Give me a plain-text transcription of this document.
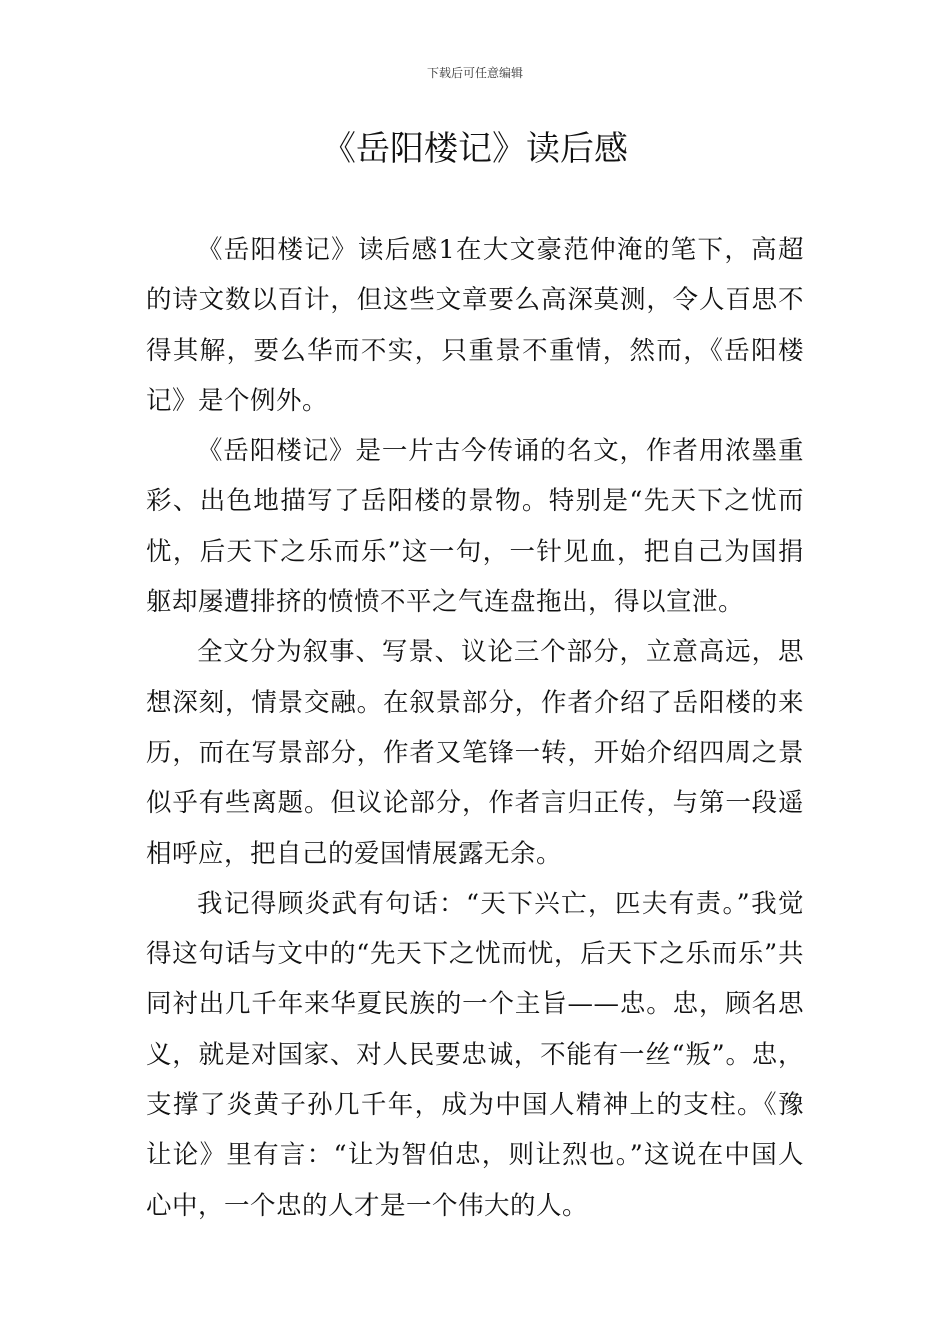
下载后可任意编辑
《岳阳楼记》读后感

《岳阳楼记》读后感1在大文豪范仲淹的笔下，高超的诗文数以百计，但这些文章要么高深莫测，令人百思不得其解，要么华而不实，只重景不重情，然而，《岳阳楼记》是个例外。

《岳阳楼记》是一片古今传诵的名文，作者用浓墨重彩、出色地描写了岳阳楼的景物。特别是“先天下之忧而忧，后天下之乐而乐”这一句，一针见血，把自己为国捐躯却屡遭排挤的愤愤不平之气连盘拖出，得以宣泄。

全文分为叙事、写景、议论三个部分，立意高远，思想深刻，情景交融。在叙景部分，作者介绍了岳阳楼的来历，而在写景部分，作者又笔锋一转，开始介绍四周之景似乎有些离题。但议论部分，作者言归正传，与第一段遥相呼应，把自己的爱国情展露无余。

我记得顾炎武有句话：“天下兴亡，匹夫有责。”我觉得这句话与文中的“先天下之忧而忧，后天下之乐而乐”共同衬出几千年来华夏民族的一个主旨——忠。忠，顾名思义，就是对国家、对人民要忠诚，不能有一丝“叛”。忠，支撑了炎黄子孙几千年，成为中国人精神上的支柱。《豫让论》里有言：“让为智伯忠，则让烈也。”这说在中国人心中，一个忠的人才是一个伟大的人。
